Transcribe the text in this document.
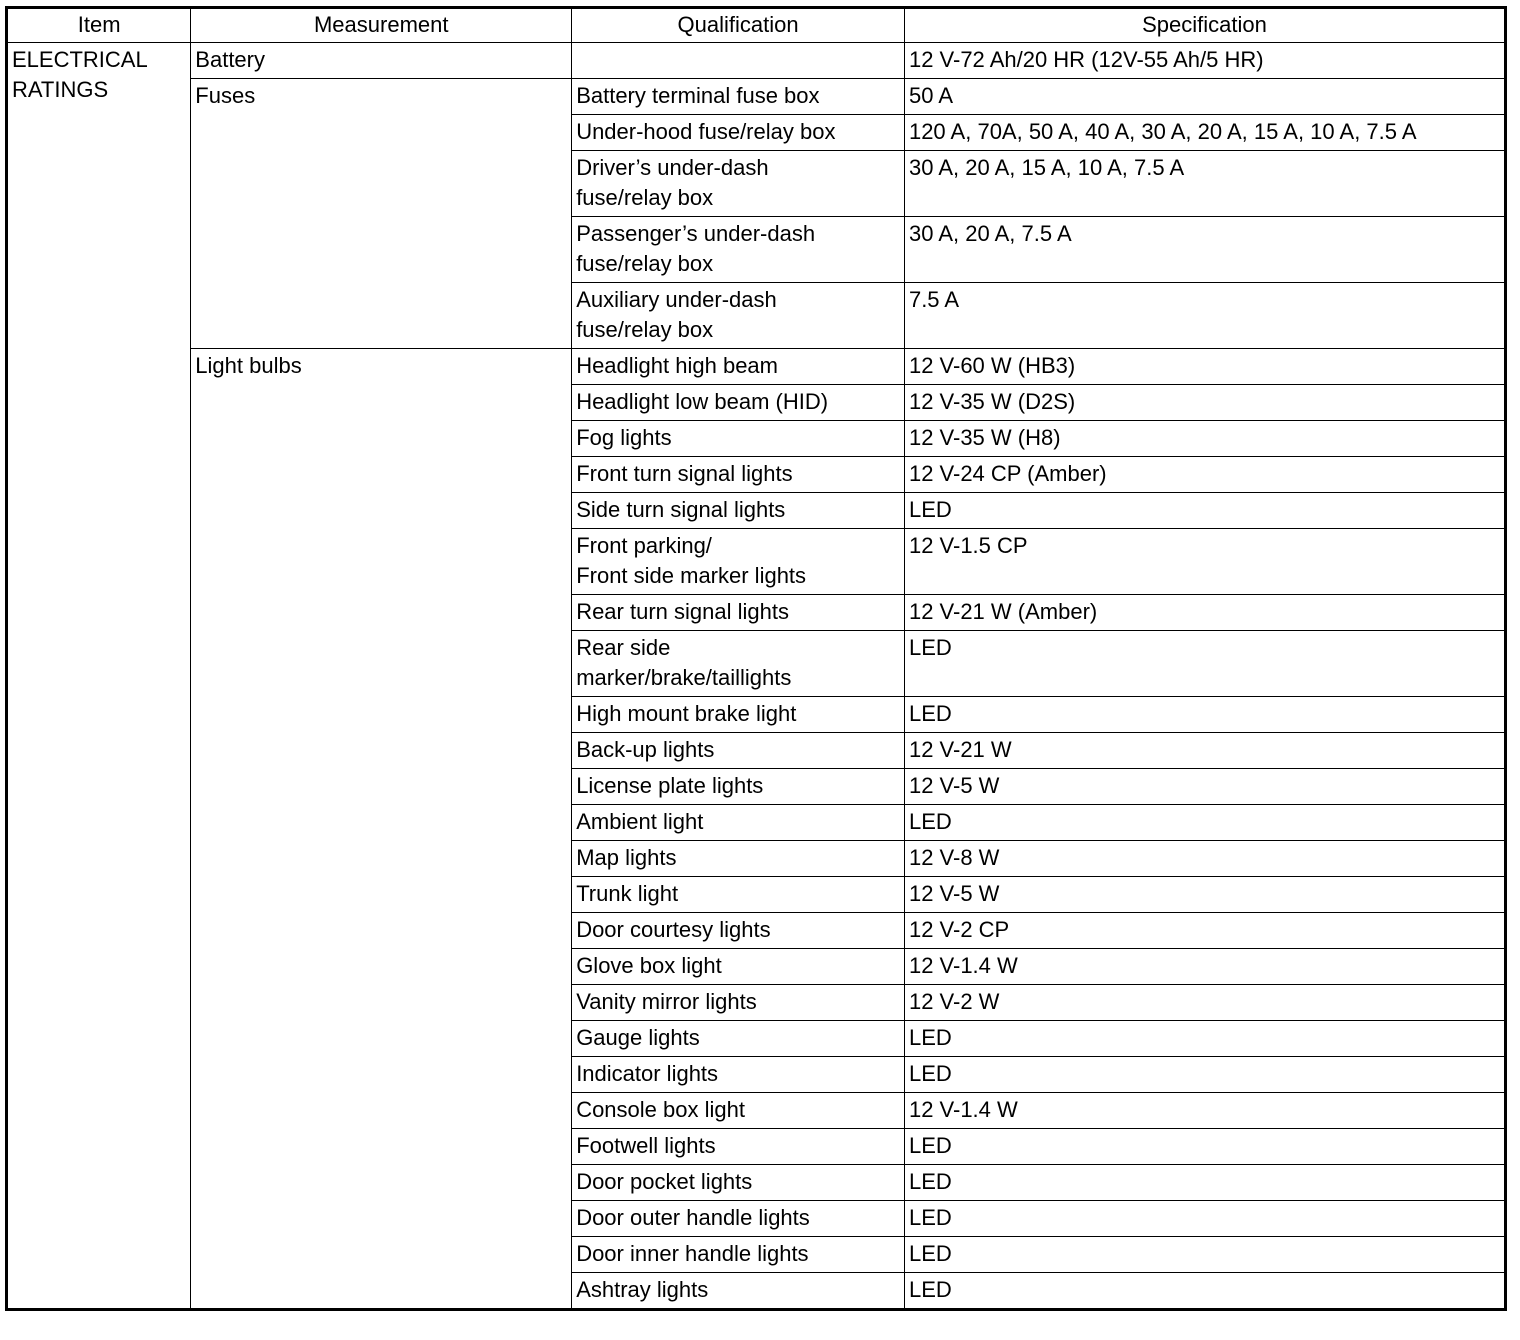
Item	Measurement	Qualification	Specification
ELECTRICAL
RATINGS	Battery		12 V-72 Ah/20 HR (12V-55 Ah/5 HR)
	Fuses	Battery terminal fuse box	50 A
		Under-hood fuse/relay box	120 A, 70A, 50 A, 40 A, 30 A, 20 A, 15 A, 10 A, 7.5 A
		Driver’s under-dash
fuse/relay box	30 A, 20 A, 15 A, 10 A, 7.5 A
		Passenger’s under-dash
fuse/relay box	30 A, 20 A, 7.5 A
		Auxiliary under-dash
fuse/relay box	7.5 A
	Light bulbs	Headlight high beam	12 V-60 W (HB3)
		Headlight low beam (HID)	12 V-35 W (D2S)
		Fog lights	12 V-35 W (H8)
		Front turn signal lights	12 V-24 CP (Amber)
		Side turn signal lights	LED
		Front parking/
Front side marker lights	12 V-1.5 CP
		Rear turn signal lights	12 V-21 W (Amber)
		Rear side
marker/brake/taillights	LED
		High mount brake light	LED
		Back-up lights	12 V-21 W
		License plate lights	12 V-5 W
		Ambient light	LED
		Map lights	12 V-8 W
		Trunk light	12 V-5 W
		Door courtesy lights	12 V-2 CP
		Glove box light	12 V-1.4 W
		Vanity mirror lights	12 V-2 W
		Gauge lights	LED
		Indicator lights	LED
		Console box light	12 V-1.4 W
		Footwell lights	LED
		Door pocket lights	LED
		Door outer handle lights	LED
		Door inner handle lights	LED
		Ashtray lights	LED
